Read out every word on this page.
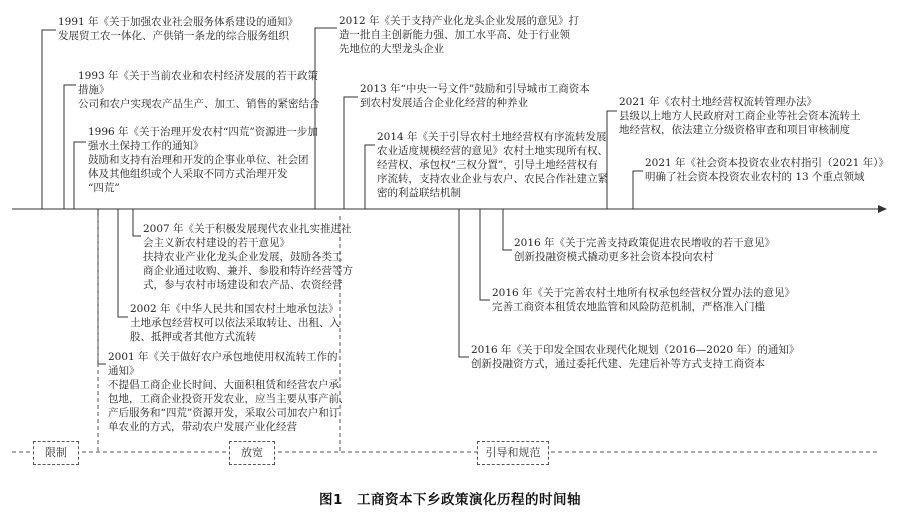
1991 年《关于加强农业社会服务体系建设的通知》
发展贸工农一体化、产供销一条龙的综合服务组织
1993 年《关于当前农业和农村经济发展的若干政策
措施》
公司和农户实现农产品生产、加工、销售的紧密结合
1996 年《关于治理开发农村“四荒”资源进一步加
强水土保持工作的通知》
鼓励和支持有治理和开发的企事业单位、社会团
体及其他组织或个人采取不同方式治理开发
“四荒”
2012 年《关于支持产业化龙头企业发展的意见》打
造一批自主创新能力强、加工水平高、处于行业领
先地位的大型龙头企业
2013 年“中央一号文件”鼓励和引导城市工商资本
到农村发展适合企业化经营的种养业
2014 年《关于引导农村土地经营权有序流转发展
农业适度规模经营的意见》农村土地实现所有权、
经营权、承包权“三权分置”，引导土地经营权有
序流转，支持农业企业与农户、农民合作社建立紧
密的利益联结机制
2021 年《农村土地经营权流转管理办法》
县级以上地方人民政府对工商企业等社会资本流转土
地经营权，依法建立分级资格审查和项目审核制度
2021 年《社会资本投资农业农村指引（2021 年）》
明确了社会资本投资农业农村的 13 个重点领域
2007 年《关于积极发展现代农业扎实推进社
会主义新农村建设的若干意见》
扶持农业产业化龙头企业发展，鼓励各类工
商企业通过收购、兼并、参股和特许经营等方
式，参与农村市场建设和农产品、农资经营
2002 年《中华人民共和国农村土地承包法》
土地承包经营权可以依法采取转让、出租、入
股、抵押或者其他方式流转
2001 年《关于做好农户承包地使用权流转工作的
通知》
不提倡工商企业长时间、大面积租赁和经营农户承
包地，工商企业投资开发农业，应当主要从事产前、
产后服务和“四荒”资源开发，采取公司加农户和订
单农业的方式，带动农户发展产业化经营
2016 年《关于完善支持政策促进农民增收的若干意见》
创新投融资模式撬动更多社会资本投向农村
2016 年《关于完善农村土地所有权承包经营权分置办法的意见》
完善工商资本租赁农地监管和风险防范机制，严格准入门槛
2016 年《关于印发全国农业现代化规划（2016—2020 年）的通知》
创新投融资方式，通过委托代建、先建后补等方式支持工商资本
限制	放宽	引导和规范
图1　工商资本下乡政策演化历程的时间轴
